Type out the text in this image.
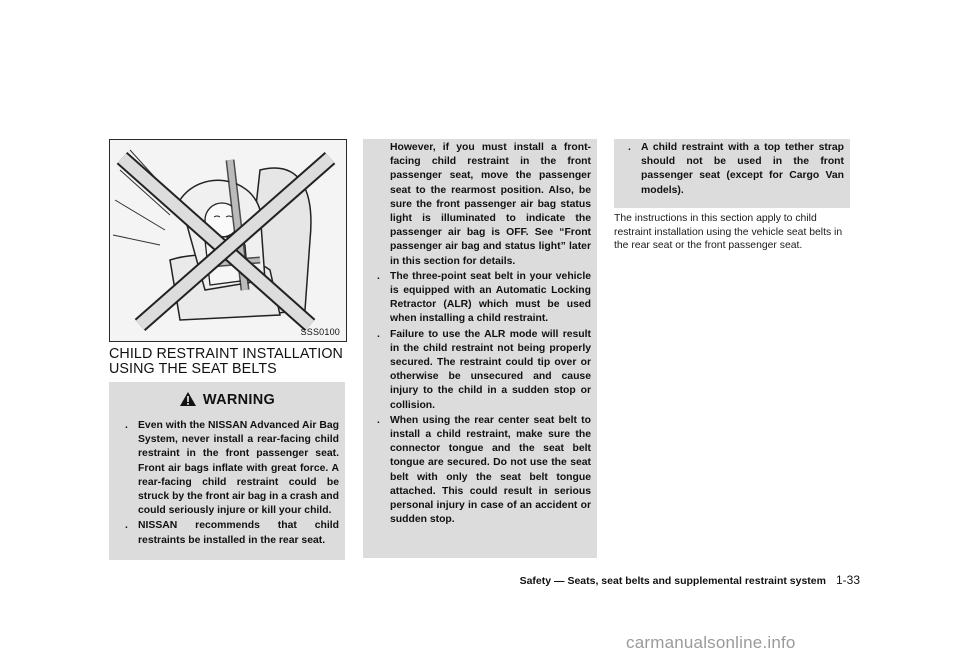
SSS0100
CHILD RESTRAINT INSTALLATION USING THE SEAT BELTS
WARNING

. Even with the NISSAN Advanced Air Bag System, never install a rear-facing child restraint in the front passenger seat. Front air bags inflate with great force. A rear-facing child restraint could be struck by the front air bag in a crash and could seriously injure or kill your child.

. NISSAN recommends that child restraints be installed in the rear seat.

However, if you must install a front-facing child restraint in the front passenger seat, move the passenger seat to the rearmost position. Also, be sure the front passenger air bag status light is illuminated to indicate the passenger air bag is OFF. See “Front passenger air bag and status light” later in this section for details.

. The three-point seat belt in your vehicle is equipped with an Automatic Locking Retractor (ALR) which must be used when installing a child restraint.

. Failure to use the ALR mode will result in the child restraint not being properly secured. The restraint could tip over or otherwise be unsecured and cause injury to the child in a sudden stop or collision.

. When using the rear center seat belt to install a child restraint, make sure the connector tongue and the seat belt tongue are secured. Do not use the seat belt with only the seat belt tongue attached. This could result in serious personal injury in case of an accident or sudden stop.

. A child restraint with a top tether strap should not be used in the front passenger seat (except for Cargo Van models).

The instructions in this section apply to child restraint installation using the vehicle seat belts in the rear seat or the front passenger seat.
Safety — Seats, seat belts and supplemental restraint system 1-33
carmanualsonline.info
